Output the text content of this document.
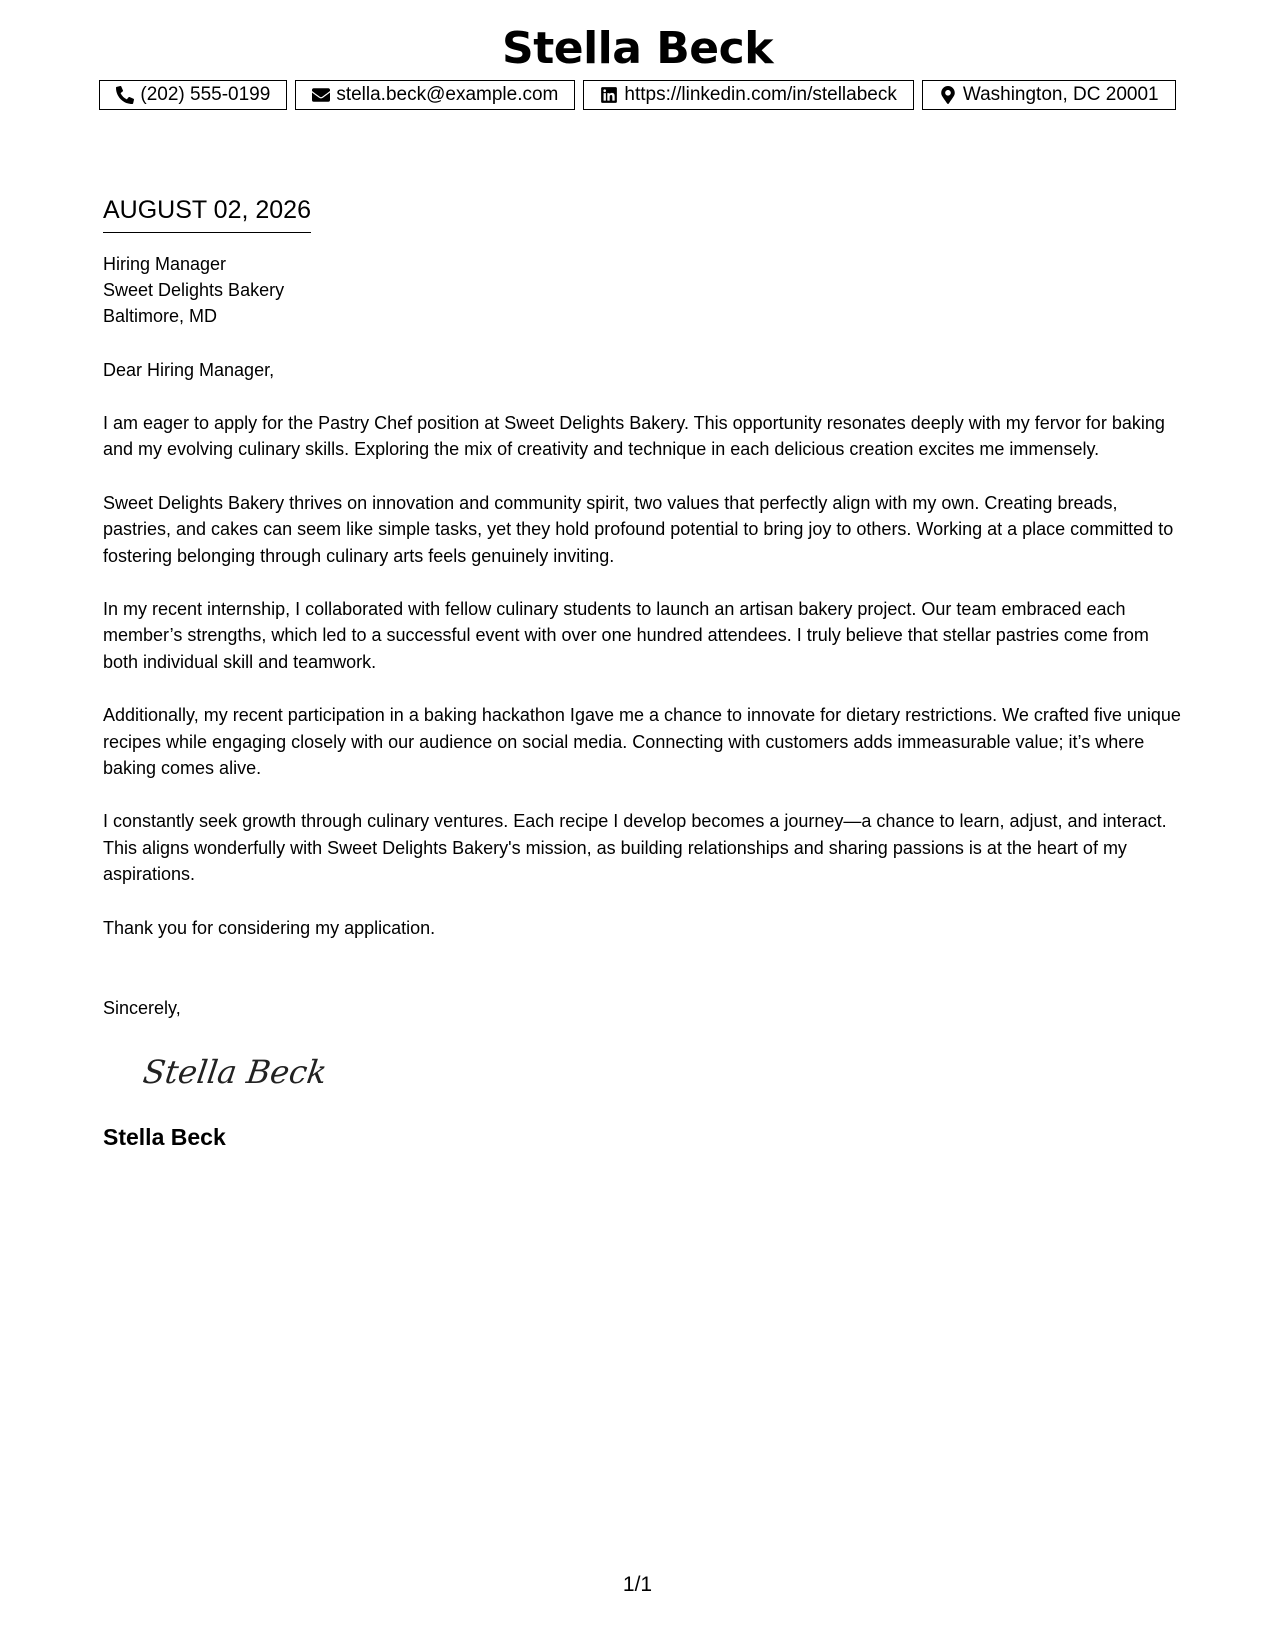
Stella Beck
(202) 555-0199	stella.beck@example.com	https://linkedin.com/in/stellabeck	Washington, DC 20001
AUGUST 02, 2026
Hiring Manager
Sweet Delights Bakery
Baltimore, MD
Dear Hiring Manager,
I am eager to apply for the Pastry Chef position at Sweet Delights Bakery. This opportunity resonates deeply with my fervor for baking and my evolving culinary skills. Exploring the mix of creativity and technique in each delicious creation excites me immensely.
Sweet Delights Bakery thrives on innovation and community spirit, two values that perfectly align with my own. Creating breads, pastries, and cakes can seem like simple tasks, yet they hold profound potential to bring joy to others. Working at a place committed to fostering belonging through culinary arts feels genuinely inviting.
In my recent internship, I collaborated with fellow culinary students to launch an artisan bakery project. Our team embraced each member’s strengths, which led to a successful event with over one hundred attendees. I truly believe that stellar pastries come from both individual skill and teamwork.
Additionally, my recent participation in a baking hackathon Igave me a chance to innovate for dietary restrictions. We crafted five unique recipes while engaging closely with our audience on social media. Connecting with customers adds immeasurable value; it’s where baking comes alive.
I constantly seek growth through culinary ventures. Each recipe I develop becomes a journey—a chance to learn, adjust, and interact. This aligns wonderfully with Sweet Delights Bakery's mission, as building relationships and sharing passions is at the heart of my aspirations.
Thank you for considering my application.
Sincerely,
Stella Beck
Stella Beck
1/1
